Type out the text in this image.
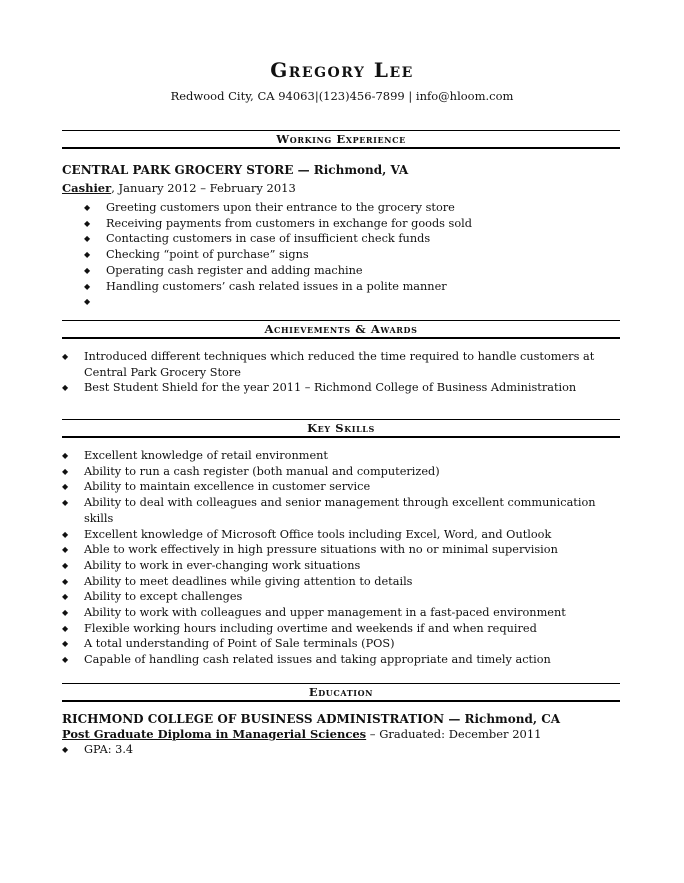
Gregory Lee
Redwood City, CA 94063|(123)456-7899 | info@hloom.com
Working Experience
CENTRAL PARK GROCERY STORE — Richmond, VA
Cashier, January 2012 – February 2013
◆ Greeting customers upon their entrance to the grocery store
◆ Receiving payments from customers in exchange for goods sold
◆ Contacting customers in case of insufficient check funds
◆ Checking “point of purchase” signs
◆ Operating cash register and adding machine
◆ Handling customers’ cash related issues in a polite manner
◆
Achievements & Awards
◆ Introduced different techniques which reduced the time required to handle customers at Central Park Grocery Store
◆ Best Student Shield for the year 2011 – Richmond College of Business Administration
Key Skills
◆ Excellent knowledge of retail environment
◆ Ability to run a cash register (both manual and computerized)
◆ Ability to maintain excellence in customer service
◆ Ability to deal with colleagues and senior management through excellent communication skills
◆ Excellent knowledge of Microsoft Office tools including Excel, Word, and Outlook
◆ Able to work effectively in high pressure situations with no or minimal supervision
◆ Ability to work in ever-changing work situations
◆ Ability to meet deadlines while giving attention to details
◆ Ability to except challenges
◆ Ability to work with colleagues and upper management in a fast-paced environment
◆ Flexible working hours including overtime and weekends if and when required
◆ A total understanding of Point of Sale terminals (POS)
◆ Capable of handling cash related issues and taking appropriate and timely action
Education
RICHMOND COLLEGE OF BUSINESS ADMINISTRATION — Richmond, CA
Post Graduate Diploma in Managerial Sciences – Graduated: December 2011
◆ GPA: 3.4
